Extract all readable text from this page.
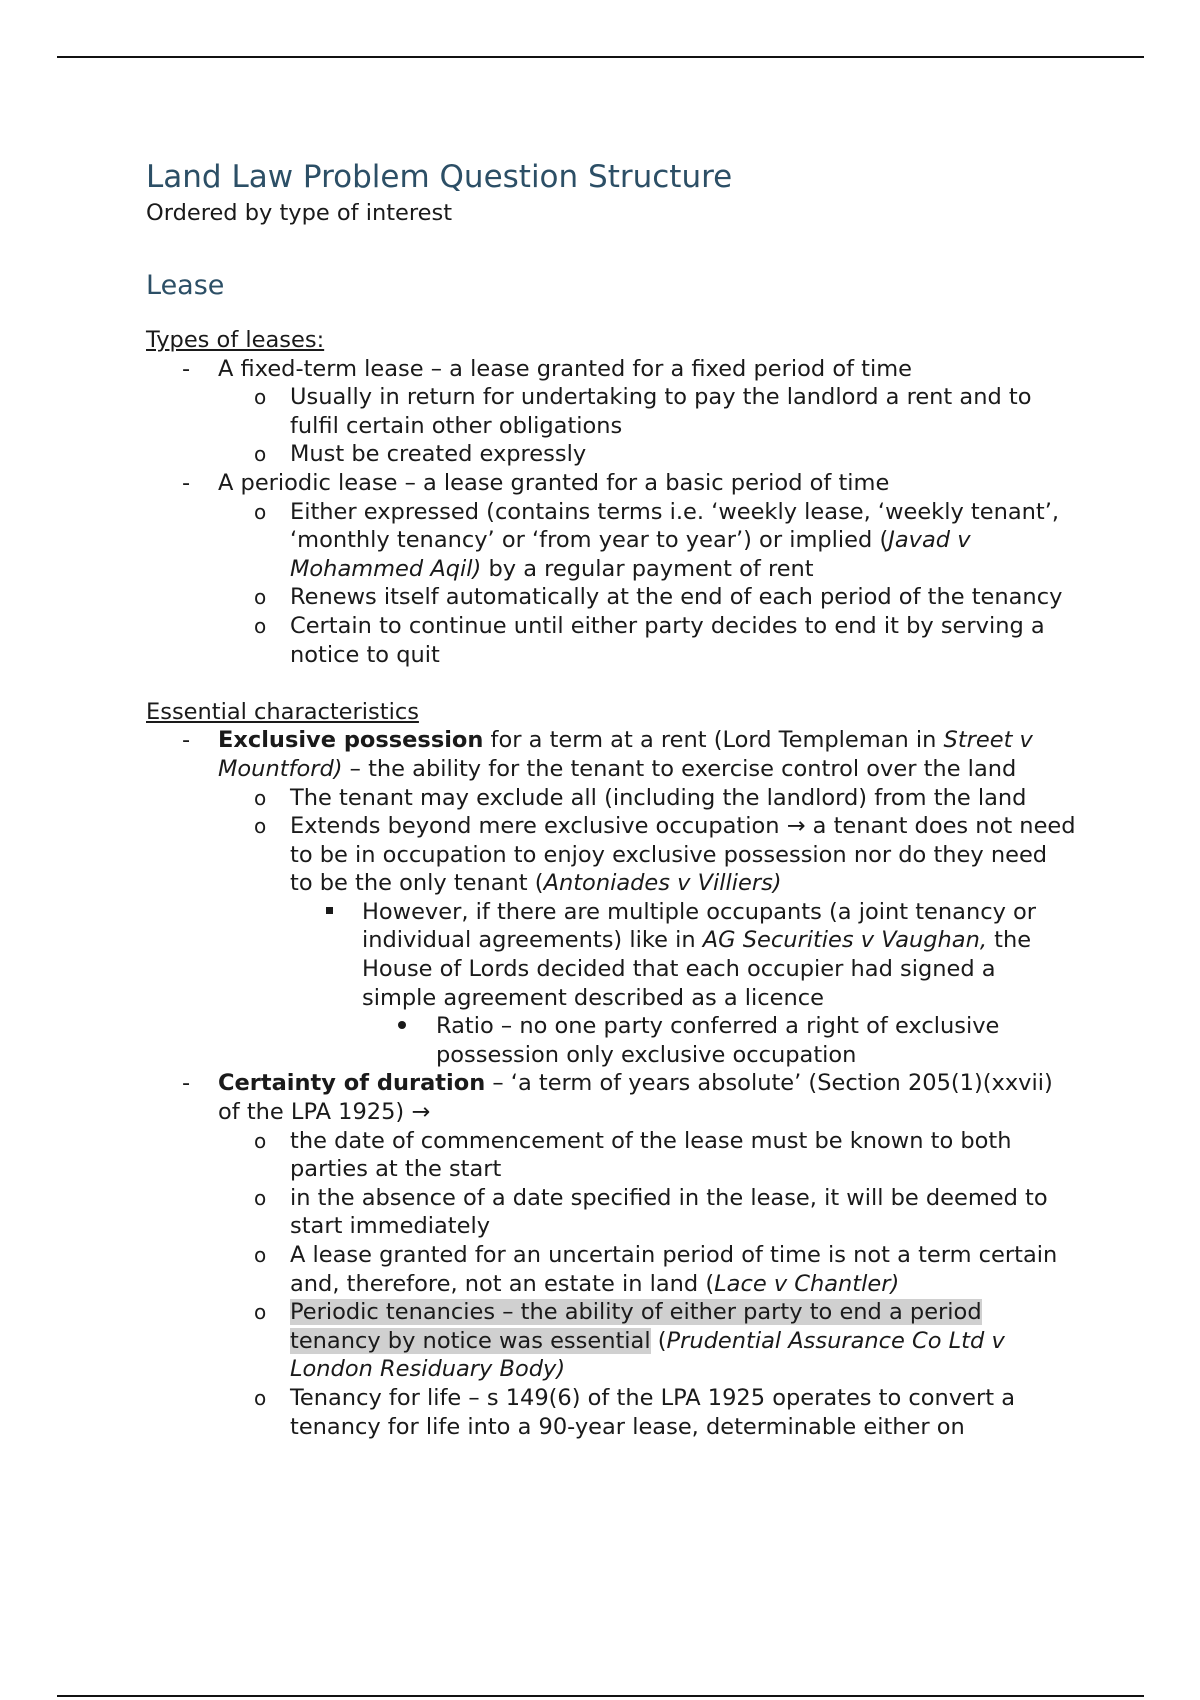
Land Law Problem Question Structure
Ordered by type of interest
Lease
Types of leases:
- A fixed-term lease – a lease granted for a fixed period of time
o Usually in return for undertaking to pay the landlord a rent and to fulfil certain other obligations
o Must be created expressly
- A periodic lease – a lease granted for a basic period of time
o Either expressed (contains terms i.e. ‘weekly lease, ‘weekly tenant’, ‘monthly tenancy’ or ‘from year to year’) or implied (Javad v Mohammed Aqil) by a regular payment of rent
o Renews itself automatically at the end of each period of the tenancy
o Certain to continue until either party decides to end it by serving a notice to quit
Essential characteristics
- Exclusive possession for a term at a rent (Lord Templeman in Street v Mountford) – the ability for the tenant to exercise control over the land
o The tenant may exclude all (including the landlord) from the land
o Extends beyond mere exclusive occupation → a tenant does not need to be in occupation to enjoy exclusive possession nor do they need to be the only tenant (Antoniades v Villiers)
However, if there are multiple occupants (a joint tenancy or individual agreements) like in AG Securities v Vaughan, the House of Lords decided that each occupier had signed a simple agreement described as a licence
Ratio – no one party conferred a right of exclusive possession only exclusive occupation
- Certainty of duration – ‘a term of years absolute’ (Section 205(1)(xxvii) of the LPA 1925) →
o the date of commencement of the lease must be known to both parties at the start
o in the absence of a date specified in the lease, it will be deemed to start immediately
o A lease granted for an uncertain period of time is not a term certain and, therefore, not an estate in land (Lace v Chantler)
o Periodic tenancies – the ability of either party to end a period tenancy by notice was essential (Prudential Assurance Co Ltd v London Residuary Body)
o Tenancy for life – s 149(6) of the LPA 1925 operates to convert a tenancy for life into a 90-year lease, determinable either on
